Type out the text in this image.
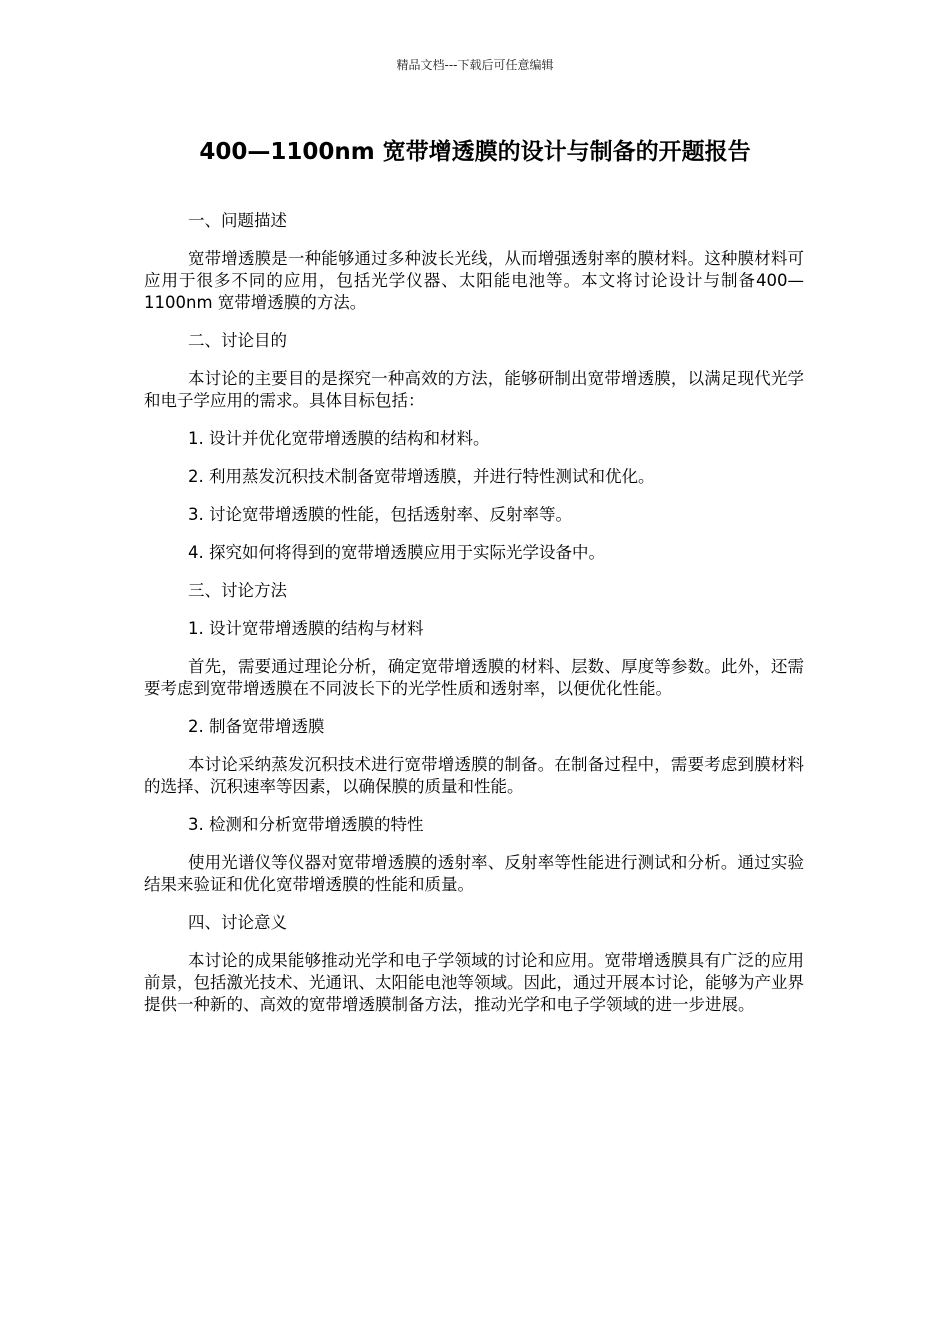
精品文档---下载后可任意编辑
400—1100nm 宽带增透膜的设计与制备的开题报告

一、问题描述

宽带增透膜是一种能够通过多种波长光线，从而增强透射率的膜材料。这种膜材料可应用于很多不同的应用，包括光学仪器、太阳能电池等。本文将讨论设计与制备400—1100nm 宽带增透膜的方法。

二、讨论目的

本讨论的主要目的是探究一种高效的方法，能够研制出宽带增透膜，以满足现代光学和电子学应用的需求。具体目标包括：

1. 设计并优化宽带增透膜的结构和材料。

2. 利用蒸发沉积技术制备宽带增透膜，并进行特性测试和优化。

3. 讨论宽带增透膜的性能，包括透射率、反射率等。

4. 探究如何将得到的宽带增透膜应用于实际光学设备中。

三、讨论方法

1. 设计宽带增透膜的结构与材料

首先，需要通过理论分析，确定宽带增透膜的材料、层数、厚度等参数。此外，还需要考虑到宽带增透膜在不同波长下的光学性质和透射率，以便优化性能。

2. 制备宽带增透膜

本讨论采纳蒸发沉积技术进行宽带增透膜的制备。在制备过程中，需要考虑到膜材料的选择、沉积速率等因素，以确保膜的质量和性能。

3. 检测和分析宽带增透膜的特性

使用光谱仪等仪器对宽带增透膜的透射率、反射率等性能进行测试和分析。通过实验结果来验证和优化宽带增透膜的性能和质量。

四、讨论意义

本讨论的成果能够推动光学和电子学领域的讨论和应用。宽带增透膜具有广泛的应用前景，包括激光技术、光通讯、太阳能电池等领域。因此，通过开展本讨论，能够为产业界提供一种新的、高效的宽带增透膜制备方法，推动光学和电子学领域的进一步进展。
